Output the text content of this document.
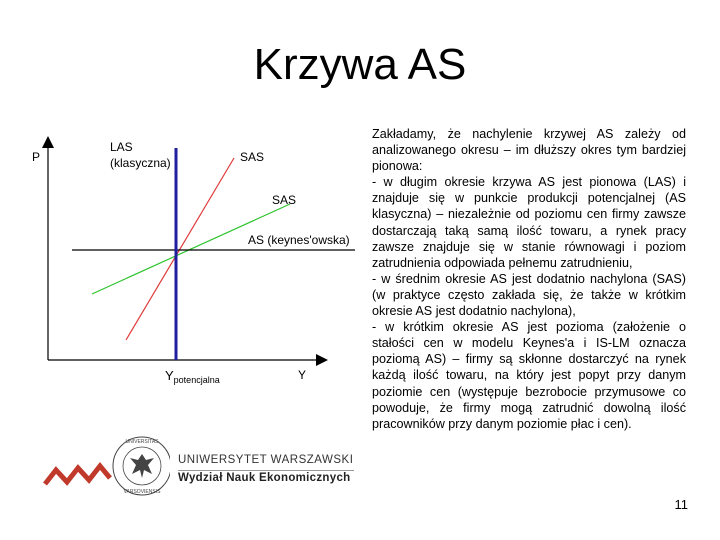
Krzywa AS
P
Y
LAS
(klasyczna)	SAS
SAS
AS (keynes'owska)
$Y_{potencjalna}$

Zakładamy, że nachylenie krzywej AS zależy od analizowanego okresu – im dłuższy okres tym bardziej pionowa:

- w długim okresie krzywa AS jest pionowa (LAS) i znajduje się w punkcie produkcji potencjalnej (AS klasyczna) – niezależnie od poziomu cen firmy zawsze dostarczają taką samą ilość towaru, a rynek pracy zawsze znajduje się w stanie równowagi i poziom zatrudnienia odpowiada pełnemu zatrudnieniu,

- w średnim okresie AS jest dodatnio nachylona (SAS) (w praktyce często zakłada się, że także w krótkim okresie AS jest dodatnio nachylona),

- w krótkim okresie AS jest pozioma (założenie o stałości cen w modelu Keynes'a i IS-LM oznacza poziomą AS) – firmy są skłonne dostarczyć na rynek każdą ilość towaru, na który jest popyt przy danym poziomie cen (występuje bezrobocie przymusowe co powoduje, że firmy mogą zatrudnić dowolną ilość pracowników przy danym poziomie płac i cen).

UNIVERSITAS
VARSOVIENSIS
UNIWERSYTET WARSZAWSKI
Wydział Nauk Ekonomicznych
11
